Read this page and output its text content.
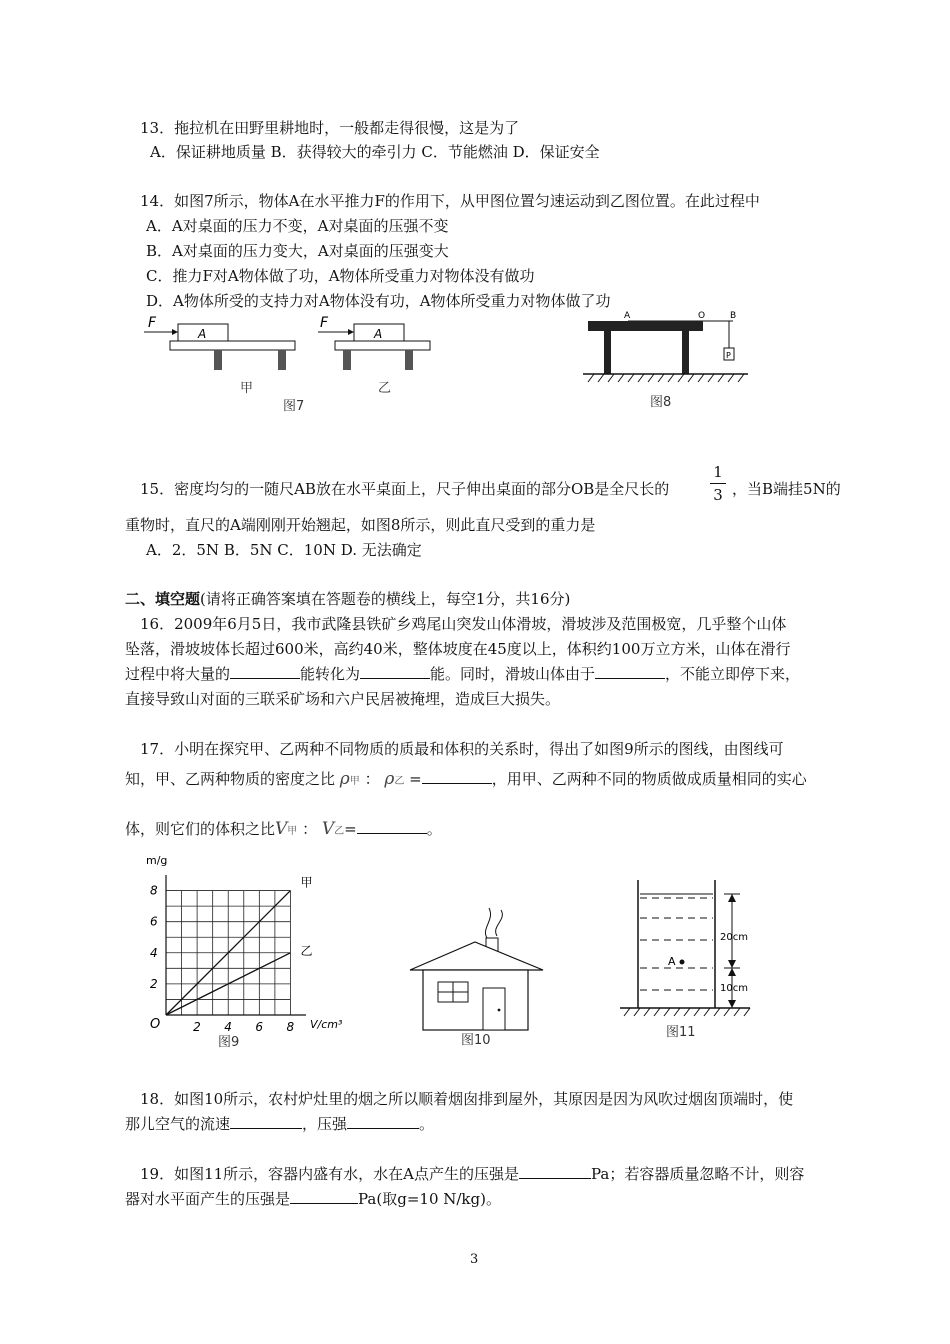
13．拖拉机在田野里耕地时，一般都走得很慢，这是为了
A．保证耕地质量 B．获得较大的牵引力 C．节能燃油 D．保证安全
14．如图7所示，物体A在水平推力F的作用下，从甲图位置匀速运动到乙图位置。在此过程中
A．A对桌面的压力不变，A对桌面的压强不变
B．A对桌面的压力变大，A对桌面的压强变大
C．推力F对A物体做了功，A物体所受重力对物体没有做功
D．A物体所受的支持力对A物体没有功，A物体所受重力对物体做了功
F
A
F
A
甲	乙
图7
A	O	B
P
图8
15．密度均匀的一随尺AB放在水平桌面上，尺子伸出桌面的部分OB是全尺长的
1
3 ，当B端挂5N的
重物时，直尺的A端刚刚开始翘起，如图8所示，则此直尺受到的重力是
A．2．5N B．5N C．10N D. 无法确定
二、填空题(请将正确答案填在答题卷的横线上，每空1分，共16分)
16．2009年6月5日，我市武隆县铁矿乡鸡尾山突发山体滑坡，滑坡涉及范围极宽，几乎整个山体
坠落，滑坡坡体长超过600米，高约40米，整体坡度在45度以上，体积约100万立方米，山体在滑行
过程中将大量的	能转化为	能。同时，滑坡山体由于	，不能立即停下来，
直接导致山对面的三联采矿场和六户民居被掩埋，造成巨大损失。
17．小明在探究甲、乙两种不同物质的质最和体积的关系时，得出了如图9所示的图线，由图线可
知，甲、乙两种物质的密度之比 ρ甲 ： ρ乙 =	，用甲、乙两种不同的物质做成质量相同的实心
体，则它们的体积之比V甲 ： V乙=	。
m/g
V/cm³
O
图9
2 4 6 8
2
4
6
8
甲
乙
图10
A
20cm
10cm
图11
18．如图10所示，农村炉灶里的烟之所以顺着烟囱排到屋外，其原因是因为风吹过烟囱顶端时，使
那儿空气的流速	，压强	。
19．如图11所示，容器内盛有水，水在A点产生的压强是	Pa；若容器质量忽略不计，则容
器对水平面产生的压强是	Pa(取g=10 N/kg)。
3
